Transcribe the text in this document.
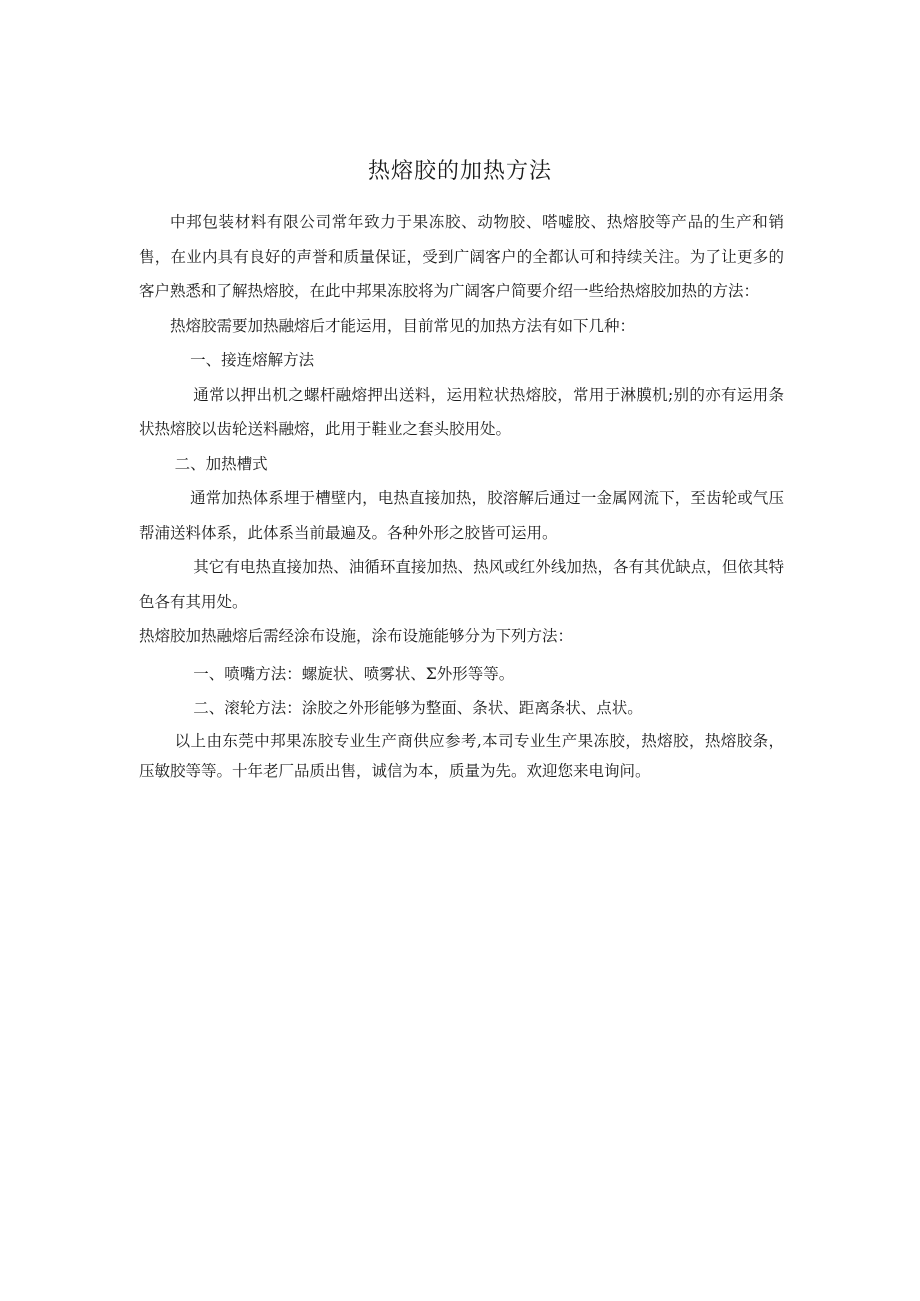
热熔胶的加热方法

中邦包装材料有限公司常年致力于果冻胶、动物胶、嗒嘘胶、热熔胶等产品的生产和销售，在业内具有良好的声誉和质量保证，受到广阔客户的全都认可和持续关注。为了让更多的客户熟悉和了解热熔胶，在此中邦果冻胶将为广阔客户简要介绍一些给热熔胶加热的方法：

热熔胶需要加热融熔后才能运用，目前常见的加热方法有如下几种：

一、接连熔解方法

通常以押出机之螺杆融熔押出送料，运用粒状热熔胶，常用于淋膜机;别的亦有运用条状热熔胶以齿轮送料融熔，此用于鞋业之套头胶用处。

二、加热槽式

通常加热体系埋于槽壁内，电热直接加热，胶溶解后通过一金属网流下，至齿轮或气压帮浦送料体系，此体系当前最遍及。各种外形之胶皆可运用。

其它有电热直接加热、油循环直接加热、热风或红外线加热，各有其优缺点，但依其特色各有其用处。

热熔胶加热融熔后需经涂布设施，涂布设施能够分为下列方法：

一、喷嘴方法：螺旋状、喷雾状、Σ外形等等。

二、滚轮方法：涂胶之外形能够为整面、条状、距离条状、点状。

以上由东莞中邦果冻胶专业生产商供应参考,本司专业生产果冻胶，热熔胶，热熔胶条，压敏胶等等。十年老厂品质出售，诚信为本，质量为先。欢迎您来电询问。
